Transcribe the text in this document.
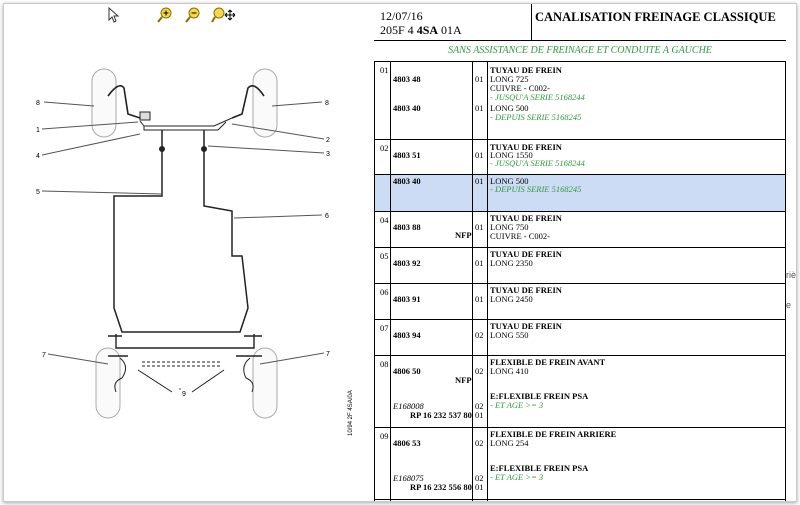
8
1
4
5
7
8
2
3
6
7
9	10/94 2F 4SA/0A
12/07/16
205F 4 4SA 01A
CANALISATION FREINAGE CLASSIQUE
SANS ASSISTANCE DE FREINAGE ET CONDUITE A GAUCHE
01
4803 48	01
TUYAU DE FREIN
LONG 725
CUIVRE - C002-
- JUSQU'A SERIE 5168244
4803 40	01 LONG 500
- DEPUIS SERIE 5168245
02
4803 51	01
TUYAU DE FREIN
LONG 1550
- JUSQU'A SERIE 5168244
4803 40	01 LONG 500
- DEPUIS SERIE 5168245
04
4803 88
NFP
01
TUYAU DE FREIN
LONG 750
CUIVRE - C002-
05
4803 92	01
TUYAU DE FREIN
LONG 2350
06
4803 91	01
TUYAU DE FREIN
LONG 2450
07
4803 94	02
TUYAU DE FREIN
LONG 550
08
4806 50
NFP
02
FLEXIBLE DE FREIN AVANT
LONG 410
E:FLEXIBLE FREIN PSA
- ET AGE >= 3
E168008	02
RP 16 232 537 80 01
09
4806 53	02
FLEXIBLE DE FREIN ARRIERE
LONG 254
E:FLEXIBLE FREIN PSA
- ET AGE >= 3
E168075	02
RP 16 232 556 80 01
riè
e
